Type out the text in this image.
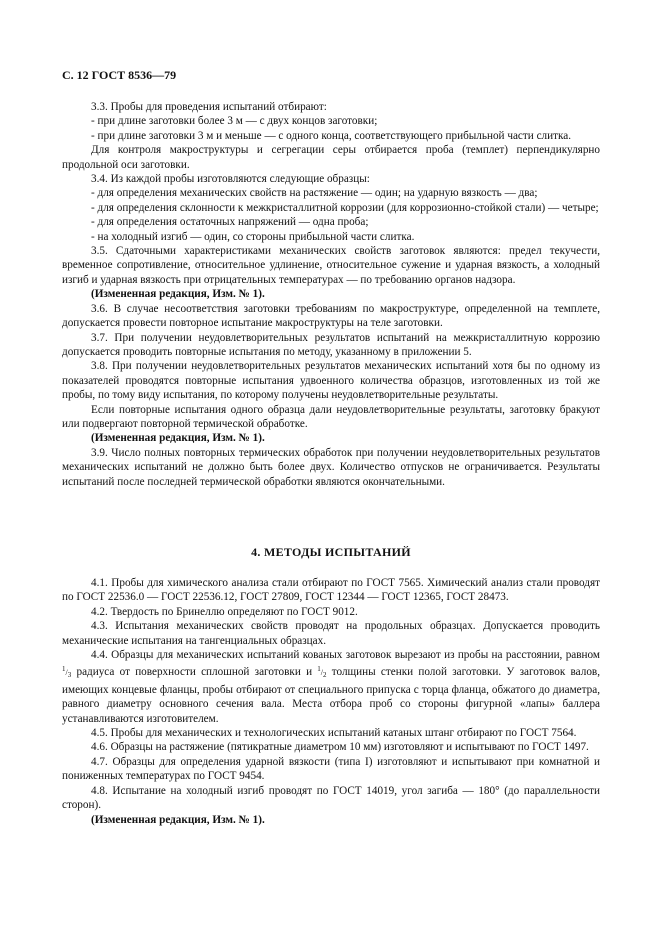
С. 12 ГОСТ 8536—79

3.3. Пробы для проведения испытаний отбирают:

- при длине заготовки более 3 м — с двух концов заготовки;

- при длине заготовки 3 м и меньше — с одного конца, соответствующего прибыльной части слитка.

Для контроля макроструктуры и сегрегации серы отбирается проба (темплет) перпендикулярно продольной оси заготовки.

3.4. Из каждой пробы изготовляются следующие образцы:

- для определения механических свойств на растяжение — один; на ударную вязкость — два;

- для определения склонности к межкристаллитной коррозии (для коррозионно-стойкой стали) — четыре;

- для определения остаточных напряжений — одна проба;

- на холодный изгиб — один, со стороны прибыльной части слитка.

3.5. Сдаточными характеристиками механических свойств заготовок являются: предел текучести, временное сопротивление, относительное удлинение, относительное сужение и ударная вязкость, а холодный изгиб и ударная вязкость при отрицательных температурах — по требованию органов надзора.

(Измененная редакция, Изм. № 1).

3.6. В случае несоответствия заготовки требованиям по макроструктуре, определенной на темплете, допускается провести повторное испытание макроструктуры на теле заготовки.

3.7. При получении неудовлетворительных результатов испытаний на межкристаллитную коррозию допускается проводить повторные испытания по методу, указанному в приложении 5.

3.8. При получении неудовлетворительных результатов механических испытаний хотя бы по одному из показателей проводятся повторные испытания удвоенного количества образцов, изготовленных из той же пробы, по тому виду испытания, по которому получены неудовлетворительные результаты.

Если повторные испытания одного образца дали неудовлетворительные результаты, заготовку бракуют или подвергают повторной термической обработке.

(Измененная редакция, Изм. № 1).

3.9. Число полных повторных термических обработок при получении неудовлетворительных результатов механических испытаний не должно быть более двух. Количество отпусков не ограничивается. Результаты испытаний после последней термической обработки являются окончательными.

4. МЕТОДЫ ИСПЫТАНИЙ

4.1. Пробы для химического анализа стали отбирают по ГОСТ 7565. Химический анализ стали проводят по ГОСТ 22536.0 — ГОСТ 22536.12, ГОСТ 27809, ГОСТ 12344 — ГОСТ 12365, ГОСТ 28473.

4.2. Твердость по Бринеллю определяют по ГОСТ 9012.

4.3. Испытания механических свойств проводят на продольных образцах. Допускается проводить механические испытания на тангенциальных образцах.

4.4. Образцы для механических испытаний кованых заготовок вырезают из пробы на расстоянии, равном $^1/_3$ радиуса от поверхности сплошной заготовки и $^1/_2$ толщины стенки полой заготовки. У заготовок валов, имеющих концевые фланцы, пробы отбирают от специального припуска с торца фланца, обжатого до диаметра, равного диаметру основного сечения вала. Места отбора проб со стороны фигурной «лапы» баллера устанавливаются изготовителем.

4.5. Пробы для механических и технологических испытаний катаных штанг отбирают по ГОСТ 7564.

4.6. Образцы на растяжение (пятикратные диаметром 10 мм) изготовляют и испытывают по ГОСТ 1497.

4.7. Образцы для определения ударной вязкости (типа I) изготовляют и испытывают при комнатной и пониженных температурах по ГОСТ 9454.

4.8. Испытание на холодный изгиб проводят по ГОСТ 14019, угол загиба — 180° (до параллельности сторон).

(Измененная редакция, Изм. № 1).
